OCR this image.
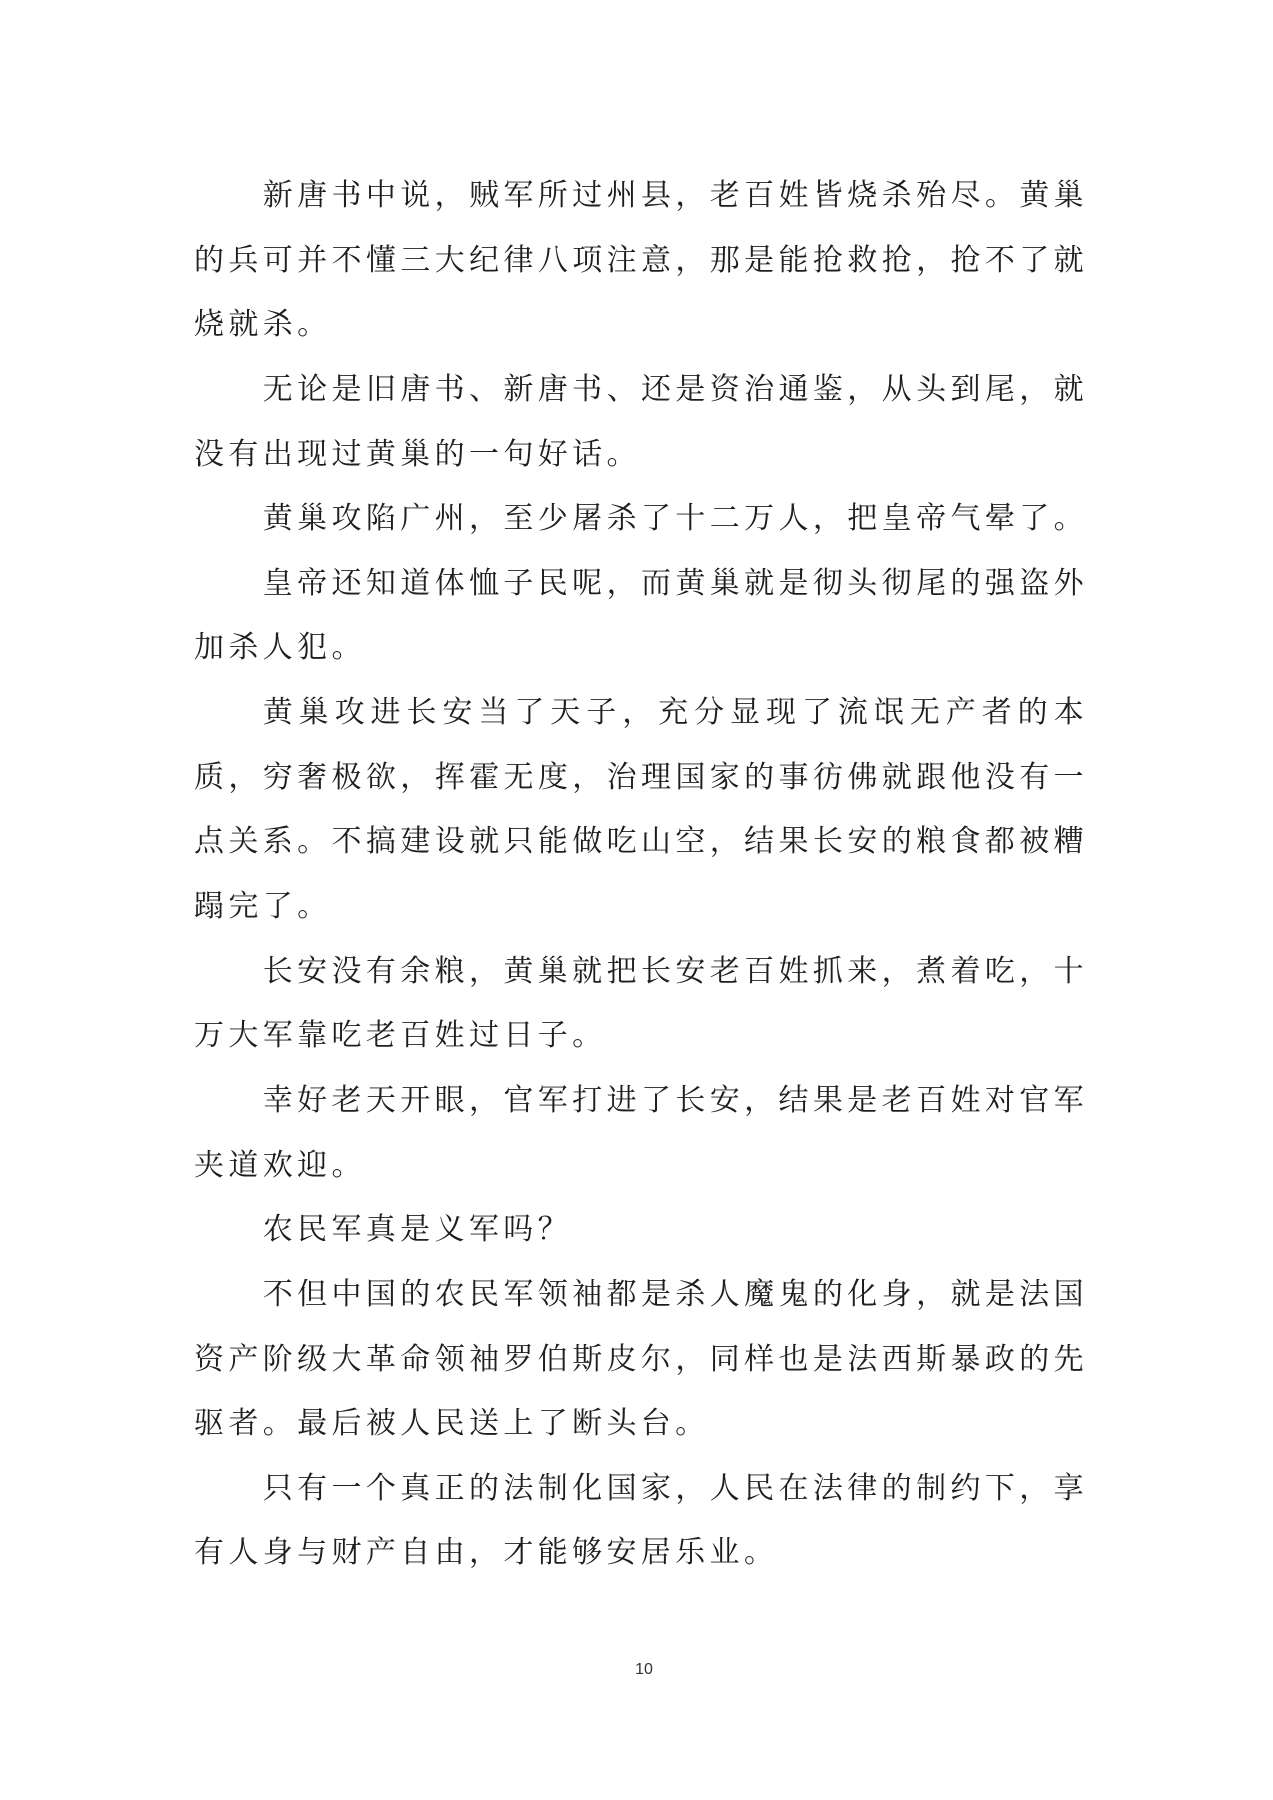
新唐书中说，贼军所过州县，老百姓皆烧杀殆尽。黄巢
的兵可并不懂三大纪律八项注意，那是能抢救抢，抢不了就
烧就杀。
无论是旧唐书、新唐书、还是资治通鉴，从头到尾，就
没有出现过黄巢的一句好话。
黄巢攻陷广州，至少屠杀了十二万人，把皇帝气晕了。
皇帝还知道体恤子民呢，而黄巢就是彻头彻尾的强盗外
加杀人犯。
黄巢攻进长安当了天子，充分显现了流氓无产者的本
质，穷奢极欲，挥霍无度，治理国家的事彷佛就跟他没有一
点关系。不搞建设就只能做吃山空，结果长安的粮食都被糟
蹋完了。
长安没有余粮，黄巢就把长安老百姓抓来，煮着吃，十
万大军靠吃老百姓过日子。
幸好老天开眼，官军打进了长安，结果是老百姓对官军
夹道欢迎。
农民军真是义军吗？
不但中国的农民军领袖都是杀人魔鬼的化身，就是法国
资产阶级大革命领袖罗伯斯皮尔，同样也是法西斯暴政的先
驱者。最后被人民送上了断头台。
只有一个真正的法制化国家，人民在法律的制约下，享
有人身与财产自由，才能够安居乐业。
10
